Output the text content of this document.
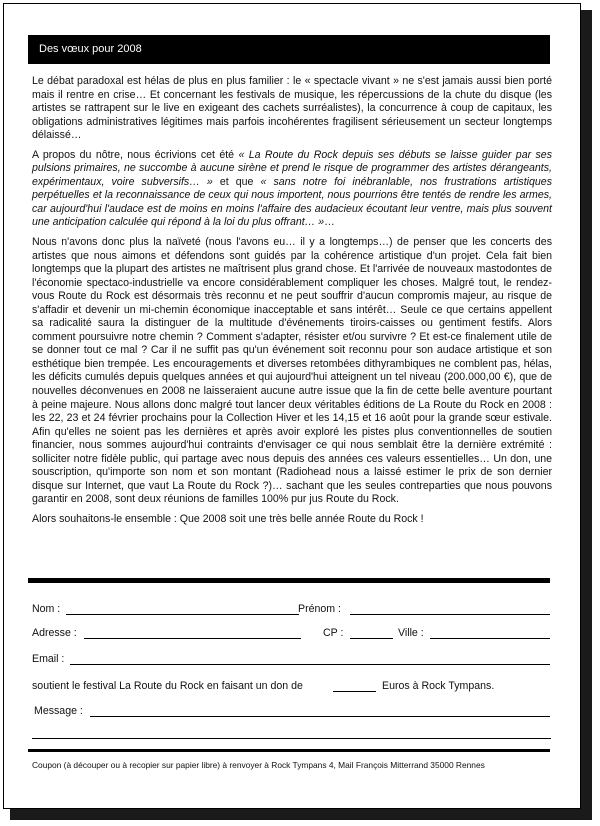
Des vœux pour 2008

Le débat paradoxal est hélas de plus en plus familier : le « spectacle vivant » ne s'est jamais aussi bien porté mais il rentre en crise… Et concernant les festivals de musique, les répercussions de la chute du disque (les artistes se rattrapent sur le live en exigeant des cachets surréalistes), la concurrence à coup de capitaux, les obligations administratives légitimes mais parfois incohérentes fragilisent sérieusement un secteur longtemps délaissé…

A propos du nôtre, nous écrivions cet été « La Route du Rock depuis ses débuts se laisse guider par ses pulsions primaires, ne succombe à aucune sirène et prend le risque de programmer des artistes dérangeants, expérimentaux, voire subversifs… » et que « sans notre foi inébranlable, nos frustrations artistiques perpétuelles et la reconnaissance de ceux qui nous importent, nous pourrions être tentés de rendre les armes, car aujourd'hui l'audace est de moins en moins l'affaire des audacieux écoutant leur ventre, mais plus souvent une anticipation calculée qui répond à la loi du plus offrant… »…

Nous n'avons donc plus la naïveté (nous l'avons eu… il y a longtemps…) de penser que les concerts des artistes que nous aimons et défendons sont guidés par la cohérence artistique d'un projet. Cela fait bien longtemps que la plupart des artistes ne maîtrisent plus grand chose. Et l'arrivée de nouveaux mastodontes de l'économie spectaco-industrielle va encore considérablement compliquer les choses. Malgré tout, le rendez-vous Route du Rock est désormais très reconnu et ne peut souffrir d'aucun compromis majeur, au risque de s'affadir et devenir un mi-chemin économique inacceptable et sans intérêt… Seule ce que certains appellent sa radicalité saura la distinguer de la multitude d'événements tiroirs-caisses ou gentiment festifs. Alors comment poursuivre notre chemin ? Comment s'adapter, résister et/ou survivre ? Et est-ce finalement utile de se donner tout ce mal ? Car il ne suffit pas qu'un événement soit reconnu pour son audace artistique et son esthétique bien trempée. Les encouragements et diverses retombées dithyrambiques ne comblent pas, hélas, les déficits cumulés depuis quelques années et qui aujourd'hui atteignent un tel niveau (200.000,00 €), que de nouvelles déconvenues en 2008 ne laisseraient aucune autre issue que la fin de cette belle aventure pourtant à peine majeure. Nous allons donc malgré tout lancer deux véritables éditions de La Route du Rock en 2008 : les 22, 23 et 24 février prochains pour la Collection Hiver et les 14,15 et 16 août pour la grande sœur estivale. Afin qu'elles ne soient pas les dernières et après avoir exploré les pistes plus conventionnelles de soutien financier, nous sommes aujourd'hui contraints d'envisager ce qui nous semblait être la dernière extrémité : solliciter notre fidèle public, qui partage avec nous depuis des années ces valeurs essentielles… Un don, une souscription, qu'importe son nom et son montant (Radiohead nous a laissé estimer le prix de son dernier disque sur Internet, que vaut La Route du Rock ?)… sachant que les seules contreparties que nous pouvons garantir en 2008, sont deux réunions de familles 100% pur jus Route du Rock.

Alors souhaitons-le ensemble : Que 2008 soit une très belle année Route du Rock !

Nom :	Prénom :
Adresse :	CP :	Ville :
Email :
soutient le festival La Route du Rock en faisant un don de	Euros à Rock Tympans.
Message :
Coupon (à découper ou à recopier sur papier libre) à renvoyer à Rock Tympans 4, Mail François Mitterrand 35000 Rennes
